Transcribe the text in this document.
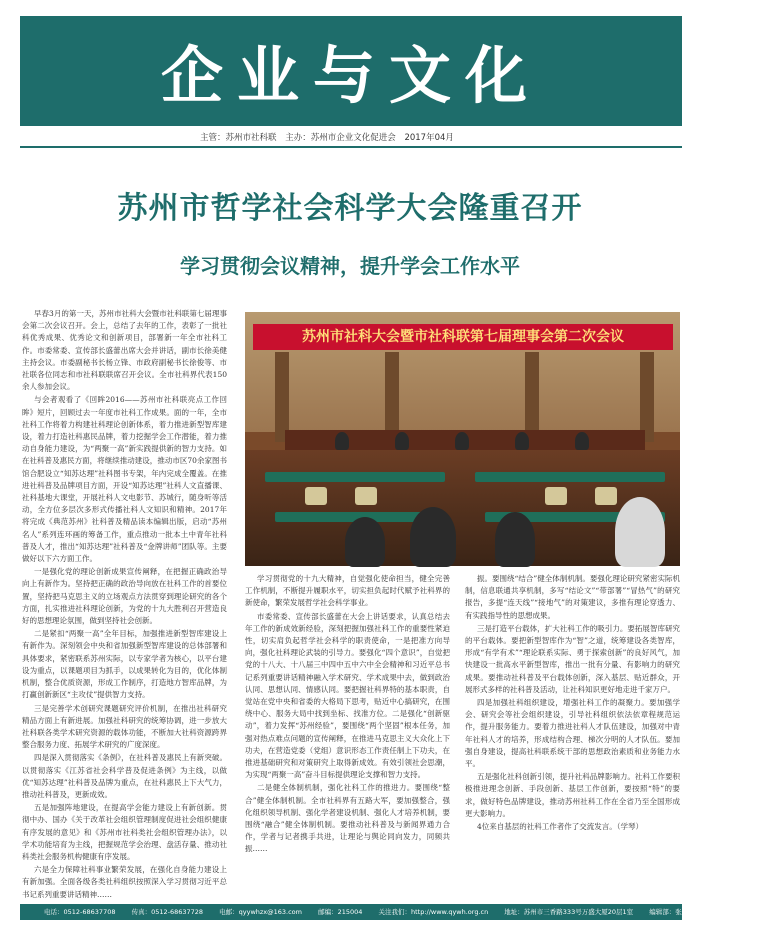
企业与文化
主管：苏州市社科联 主办：苏州市企业文化促进会 2017年04月
苏州市哲学社会科学大会隆重召开
学习贯彻会议精神，提升学会工作水平

早春3月的第一天，苏州市社科大会暨市社科联第七届理事会第二次会议召开。会上，总结了去年的工作，表彰了一批社科优秀成果、优秀论文和创新项目，部署新一年全市社科工作。市委常委、宣传部长盛蕾出席大会并讲话，副市长徐美健主持会议。市委副秘书长杨立锋、市政府副秘书长徐俊等、市社联各位同志和市社科联联席召开会议。全市社科界代表150余人参加会议。

与会者观看了《回眸2016——苏州市社科联亮点工作回眸》短片，回顾过去一年度市社科工作成果。面的一年，全市社科工作将着力构建社科理论创新体系，着力推进新型智库建设，着力打造社科惠民品牌，着力挖掘学会工作潜能，着力推动自身能力建设，为“两聚一高”新实践提供新的智力支持。如在社科普及惠民方面，将继续推动建设，推动市区70余家图书馆合肥设立“知苏达理”社科图书专架，年内完成全覆盖。在推进社科普及品牌项目方面，开设“知苏达理”社科人文直播课、社科基地大课堂，开展社科人文电影节、苏城行，随身听等活动，全方位多层次多形式传播社科人文知识和精神。2017年将完成《典范苏州》社科普及精品读本编辑出版，启动“苏州名人”系列连环画的筹备工作，重点推动一批本土中青年社科普及人才，推出“知苏达理”社科普及“金牌讲师”团队等。主要做好以下六方面工作。

一是强化党的理论创新成果宣传阐释，在把握正确政治导向上有新作为。坚持把正确的政治导向放在社科工作的首要位置，坚持把马克思主义的立场观点方法贯穿到理论研究的各个方面，扎实推进社科理论创新，为党的十九大胜利召开营造良好的思想理论氛围，做到坚持社会创新。

二是紧扣“两聚一高”全年目标，加强推进新型智库建设上有新作为。深刻领会中央和省加强新型智库建设的总体部署和具体要求，紧密联系苏州实际，以专家学者为核心，以平台建设为重点，以课题项目为抓手，以成果转化为目的，优化体制机制，整合优质资源，形成工作制序，打造地方智库品牌，为打赢创新新区“主攻仗”提供智力支持。

三是完善学术创研究课题研究评价机制，在推出社科研究精品方面上有新进展。加强社科研究的统筹协调，进一步放大社科联各类学术研究资源的载体功能，不断加大社科资源跨界整合服务力度、拓展学术研究的广度深度。

四是深入贯彻落实《条例》，在社科普及惠民上有新突破。以贯彻落实《江苏省社会科学普及促进条例》为主线，以做优“知苏达理”社科普及品牌为重点，在社科惠民上下大气力，推动社科普及，更新成效。

五是加强阵地建设，在提高学会能力建设上有新创新。贯彻中办、国办《关于改革社会组织管理制度促进社会组织健康有序发展的意见》和《苏州市社科类社会组织管理办法》，以学术功能培育为主线，把握规范学会治理、盘活存量、推动社科类社会服务机构健康有序发展。

六是全力保障社科事业繁荣发展，在强化自身能力建设上有新加强。全面各级各类社科组织按照深入学习贯彻习近平总书记系列重要讲话精神……

苏州市社科大会暨市社科联第七届理事会第二次会议

学习贯彻党的十九大精神，自觉强化使命担当，健全完善工作机制，不断提升履职水平，切实担负起时代赋予社科界的新使命，繁荣发展哲学社会科学事业。

市委常委、宣传部长盛蕾在大会上讲话要求，认真总结去年工作的新成效新经验，深刻把握加强社科工作的重要性紧迫性，切实肩负起哲学社会科学的职责使命，一是把准方向导向，强化社科理论武装的引导力。要强化“四个意识”，自觉把党的十八大、十八届三中四中五中六中全会精神和习近平总书记系列重要讲话精神融入学术研究、学术成果中去，做到政治认同、思想认同、情感认同。要把握社科界特的基本职责，自觉站在党中央和省委的大格局下思考，贴近中心搞研究，在围绕中心、服务大局中找到坐标、找准方位。二是强化“创新驱动”，着力发挥“苏州经验”，要围绕“两个坚固”根本任务，加强对热点难点问题的宣传阐释，在推进马克思主义大众化上下功夫，在营造党委（党组）意识形态工作责任制上下功夫，在推进基础研究和对策研究上取得新成效。有效引领社会思潮，为实现“两聚一高”奋斗目标提供理论支撑和智力支持。

二是健全体制机制，强化社科工作的推进力。要围绕“整合”健全体制机制。全市社科界有五路大军，要加强整合，强化组织领导机制、强化学者建设机制、强化人才培养机制，要围绕“融合”健全体制机制。要推动社科普及与新闻界通力合作，学者与记者携手共进，让理论与舆论同向发力，同频共振……

振。要围绕“结合”健全体制机制。要强化理论研究紧密实际机制，信息联通共享机制，多写“结论文”“带部署”“冒热气”的研究报告，多提“连天线”“接地气”的对策建议，多推有理论穿透力、有实践指导性的思想成果。

三是打造平台载体，扩大社科工作的吸引力。要拓展智库研究的平台载体。要把新型智库作为“智”之道，统筹建设各类智库，形成“有学有术”“理论联系实际、勇于探索创新”的良好风气，加快建设一批高水平新型智库，推出一批有分量、有影响力的研究成果。要推动社科普及平台载体创新，深入基层、贴近群众，开展形式多样的社科普及活动，让社科知识更好地走进千家万户。

四是加强社科组织建设，增强社科工作的凝聚力。要加强学会、研究会等社会组织建设，引导社科组织依法依章程规范运作，提升服务能力。要着力推进社科人才队伍建设，加强对中青年社科人才的培养，形成结构合理、梯次分明的人才队伍。要加强自身建设，提高社科联系统干部的思想政治素质和业务能力水平。

五是强化社科创新引领，提升社科品牌影响力。社科工作要积极推进理念创新、手段创新、基层工作创新，要按照“特”的要求，做好特色品牌建设，推动苏州社科工作在全省乃至全国形成更大影响力。

4位来自基层的社科工作者作了交流发言。（学琴）

电话：0512-68637708 传真：0512-68637728 电邮：qyywhzx@163.com 邮编：215004 关注我们：http://www.qywh.org.cn 地址：苏州市三香路333号万盛大厦20层1室 编辑部：张宇军 美编排版：钟家奇
